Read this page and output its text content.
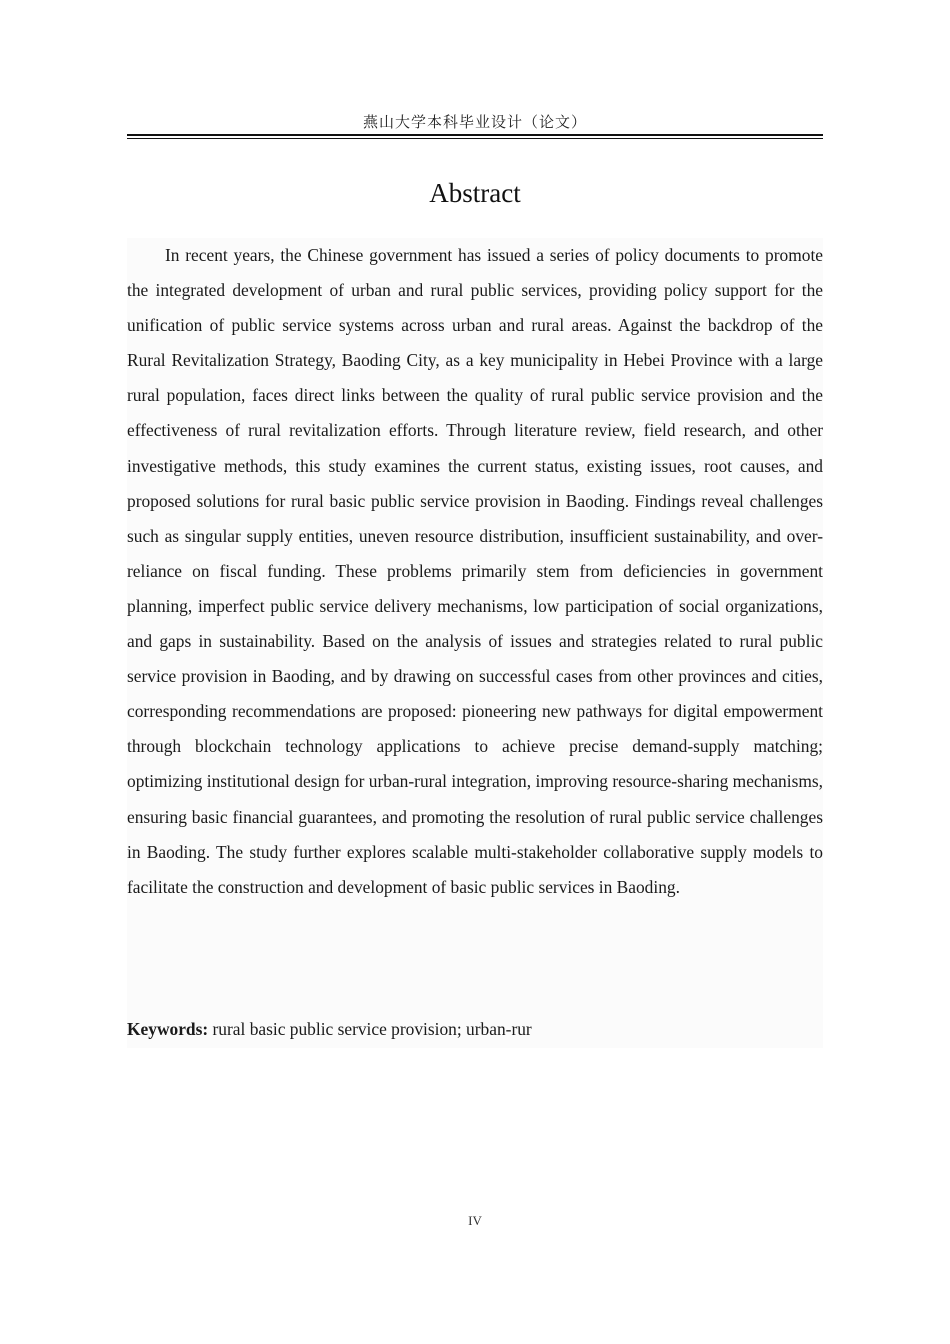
燕山大学本科毕业设计（论文）
Abstract

In recent years, the Chinese government has issued a series of policy documents to promote the integrated development of urban and rural public services, providing policy support for the unification of public service systems across urban and rural areas. Against the backdrop of the Rural Revitalization Strategy, Baoding City, as a key municipality in Hebei Province with a large rural population, faces direct links between the quality of rural public service provision and the effectiveness of rural revitalization efforts. Through literature review, field research, and other investigative methods, this study examines the current status, existing issues, root causes, and proposed solutions for rural basic public service provision in Baoding. Findings reveal challenges such as singular supply entities, uneven resource distribution, insufficient sustainability, and over-reliance on fiscal funding. These problems primarily stem from deficiencies in government planning, imperfect public service delivery mechanisms, low participation of social organizations, and gaps in sustainability. Based on the analysis of issues and strategies related to rural public service provision in Baoding, and by drawing on successful cases from other provinces and cities, corresponding recommendations are proposed: pioneering new pathways for digital empowerment through blockchain technology applications to achieve precise demand-supply matching; optimizing institutional design for urban-rural integration, improving resource-sharing mechanisms, ensuring basic financial guarantees, and promoting the resolution of rural public service challenges in Baoding. The study further explores scalable multi-stakeholder collaborative supply models to facilitate the construction and development of basic public services in Baoding.

Keywords: rural basic public service provision; urban-rur
IV
